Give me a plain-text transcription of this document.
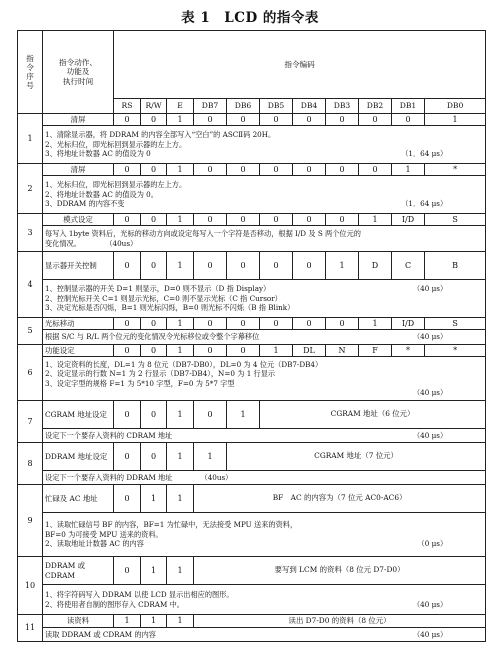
表 1　LCD 的指令表
指
令
序
号	指令动作、
功能及
执行时间	指令编码										
		RS	R/W	E	DB7	DB6	DB5	DB4	DB3	DB2	DB1	DB0
1	清屏	0	0	1	0	0	0	0	0	0	0	1

	1、清除显示器，将 DDRAM 的内容全部写入“空白”的 ASCⅡ码 20H。
2、光标归位，即光标回到显示器的左上方。
3、将地址计数器 AC 的值设为 0 （1．64 μs）											

2	清屏	0	0	1	0	0	0	0	0	0	1	*

	1、光标归位，即光标回到显示器的左上方。
2、将地址计数器 AC 的值设为 0。
3、DDRAM 的内容不变 （1．64 μs）											

3	模式设定	0	0	1	0	0	0	0	0	1	I/D	S

	每写入 1byte 资料后，光标的移动方向或设定每写入一个字符是否移动，根据 I/D 及 S 两个位元的
变化情况。 （40us）											

4	显示器开关控制	0	0	1	0	0	0	0	1	D	C	B

	1、控制显示器的开关 D=1 则显示，D=0 则不显示（D 指 Display） （40 μs）
2、控制光标开关 C=1 则显示光标，C=0 则不显示光标（C 指 Cursor）
3、决定光标是否闪烁，B=1 则光标闪烁，B=0 则光标不闪烁（B 指 Blink）											

5	光标移动	0	0	1	0	0	0	0	0	1	I/D	S

	根据 S/C 与 R/L 两个位元的变化情况令光标移位或令整个字幕移位 （40 μs）											

6	功能设定	0	0	1	0	0	1	DL	N	F	*	*

	1、设定资料的长度，DL=1 为 8 位元（DB7-DB0），DL=0 为 4 位元（DB7-DB4）
2、设定显示的行数 N=1 为 2 行显示（DB7-DB4），N=0 为 1 行显示
3、设定字型的规格 F=1 为 5*10 字型，F=0 为 5*7 字型
（40 μs）											

7	CGRAM 地址设定	0	0	1	0	1	CGRAM 地址（6 位元）					

	设定下一个要存入资料的 CDRAM 地址 （40 μs）											

8	DDRAM 地址设定	0	0	1	1	CGRAM 地址（7 位元）						

	设定下一个要存入资料的 DDRAM 地址 （40us）											

9	忙碌及 AC 地址	0	1	1	BF　AC 的内容为（7 位元 AC0-AC6）							

	1、读取忙碌信号 BF 的内容，BF=1 为忙碌中，无法接受 MPU 送来的资料，
BF=0 为可接受 MPU 送来的资料。
2、读取地址计数器 AC 的内容 （0 μs）											

10	DDRAM 或 CDRAM	0	1	1	要写到 LCM 的资料（8 位元 D7-D0）							

	1、将字符码写入 DDRAM 以使 LCD 显示出相应的图形。
2、将使用者自制的图形存入 CDRAM 中。 （40 μs）											

11	读资料	1	1	1	读出 D7-D0 的资料（8 位元）							

	读取 DDRAM 或 CDRAM 的内容 （40 μs）											
